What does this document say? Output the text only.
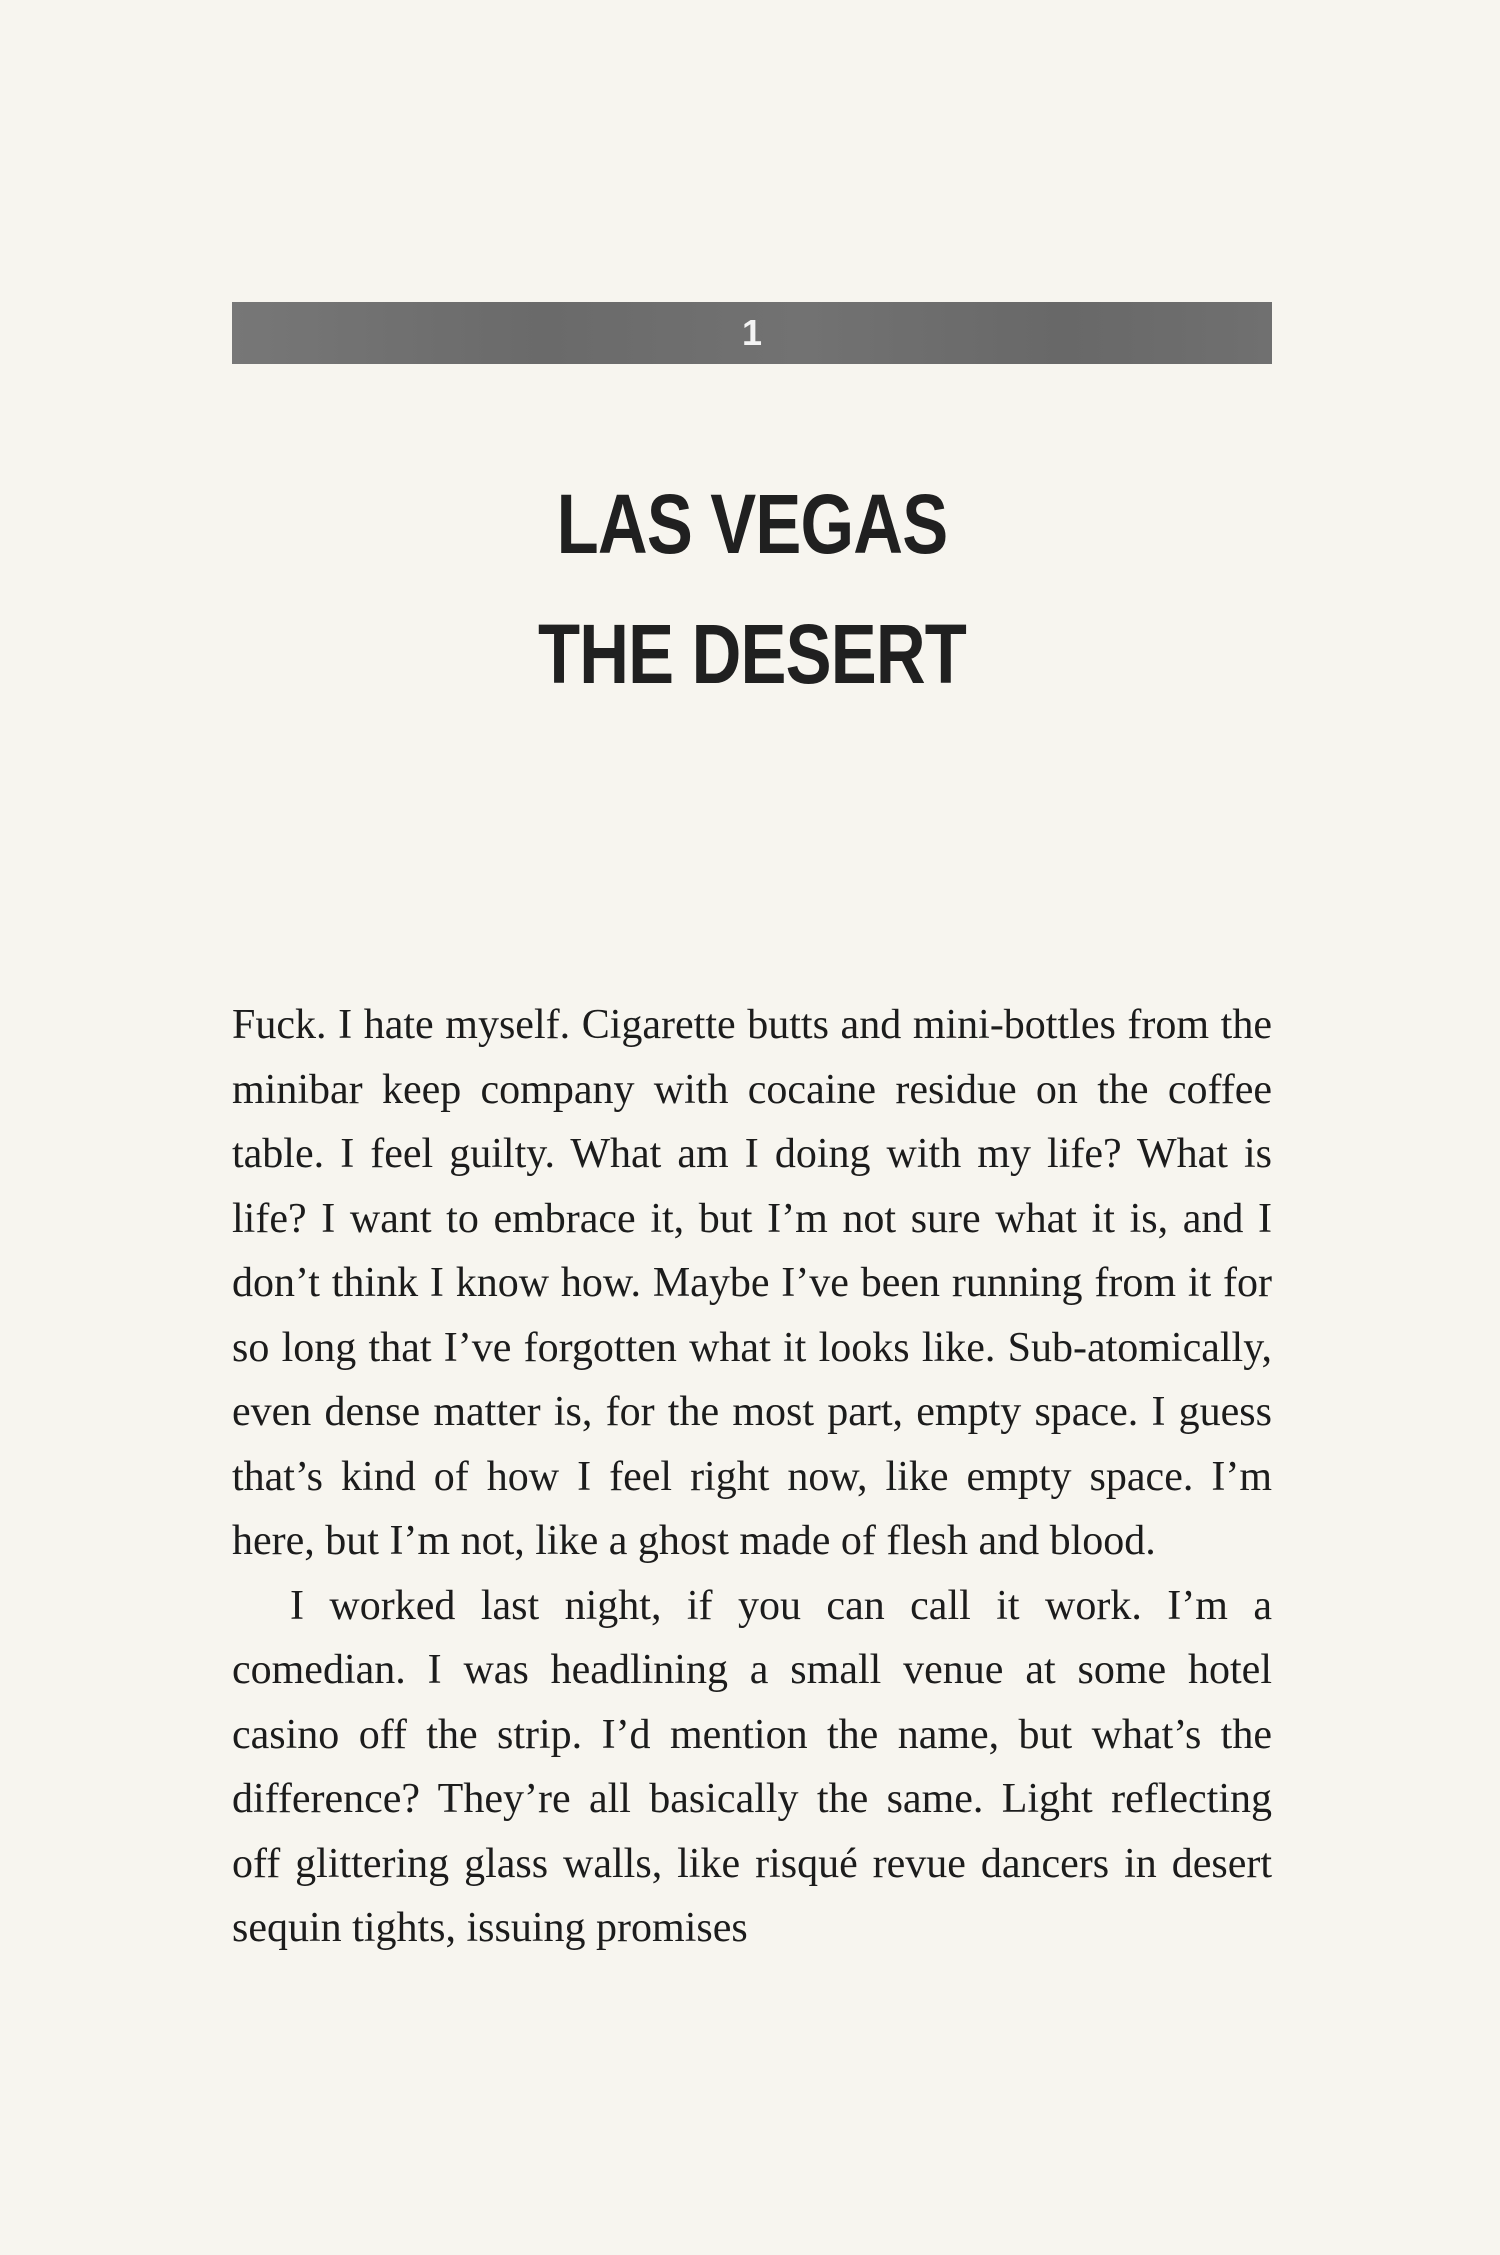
1
LAS VEGAS
THE DESERT

Fuck. I hate myself. Cigarette butts and mini-bottles from the minibar keep company with cocaine residue on the coffee table. I feel guilty. What am I doing with my life? What is life? I want to embrace it, but I’m not sure what it is, and I don’t think I know how. Maybe I’ve been running from it for so long that I’ve forgotten what it looks like. Sub-atomically, even dense matter is, for the most part, empty space. I guess that’s kind of how I feel right now, like empty space. I’m here, but I’m not, like a ghost made of flesh and blood.

I worked last night, if you can call it work. I’m a comedian. I was headlining a small venue at some hotel casino off the strip. I’d mention the name, but what’s the difference? They’re all basically the same. Light reflecting off glittering glass walls, like risqué revue dancers in desert sequin tights, issuing promises
